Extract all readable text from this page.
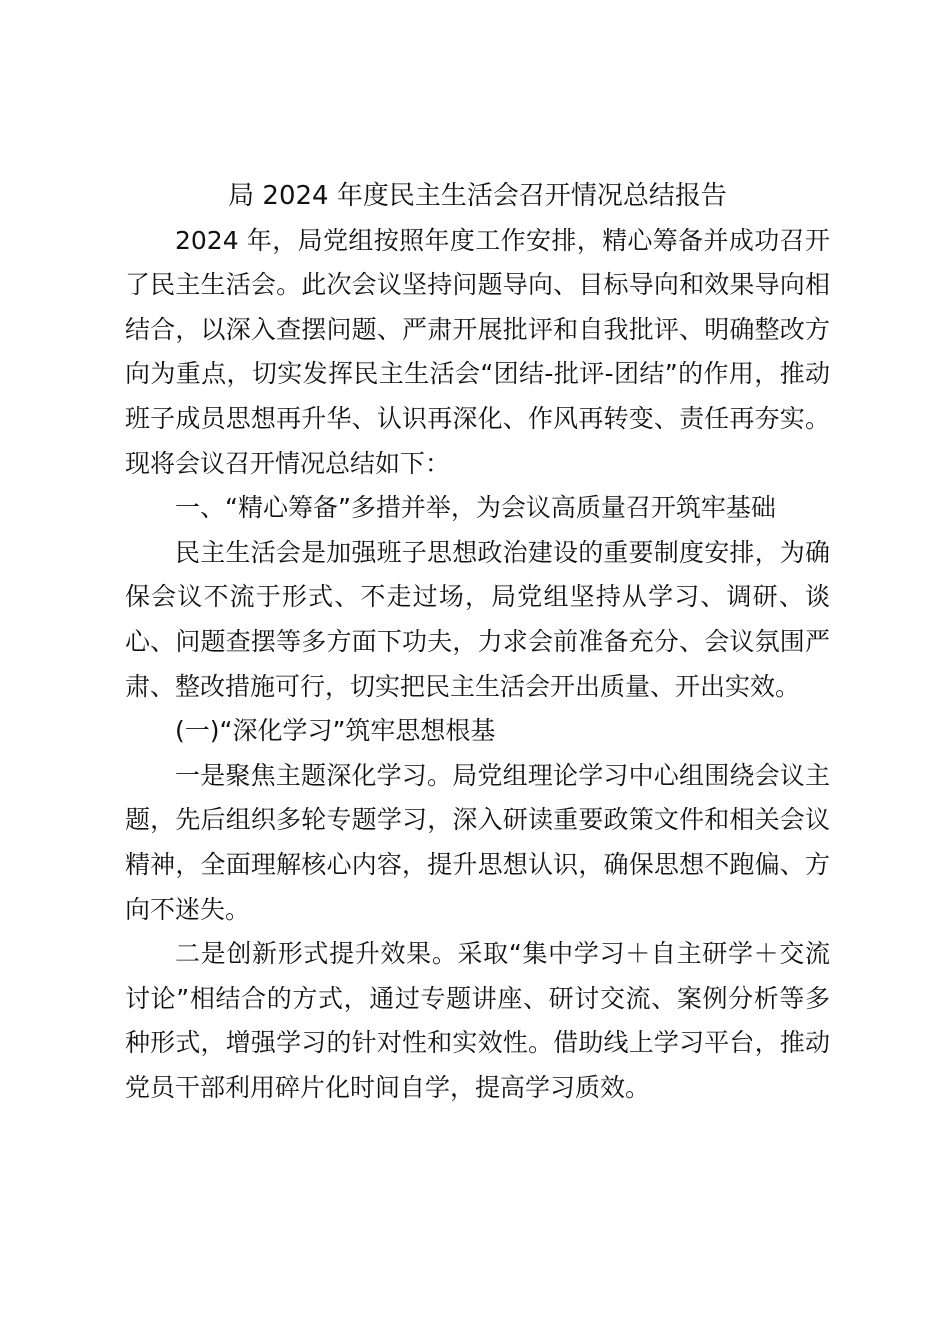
局 2024 年度民主生活会召开情况总结报告

2024 年，局党组按照年度工作安排，精心筹备并成功召开了民主生活会。此次会议坚持问题导向、目标导向和效果导向相结合，以深入查摆问题、严肃开展批评和自我批评、明确整改方向为重点，切实发挥民主生活会“团结-批评-团结”的作用，推动班子成员思想再升华、认识再深化、作风再转变、责任再夯实。现将会议召开情况总结如下：

一、“精心筹备”多措并举，为会议高质量召开筑牢基础

民主生活会是加强班子思想政治建设的重要制度安排，为确保会议不流于形式、不走过场，局党组坚持从学习、调研、谈心、问题查摆等多方面下功夫，力求会前准备充分、会议氛围严肃、整改措施可行，切实把民主生活会开出质量、开出实效。

(一)“深化学习”筑牢思想根基

一是聚焦主题深化学习。局党组理论学习中心组围绕会议主题，先后组织多轮专题学习，深入研读重要政策文件和相关会议精神，全面理解核心内容，提升思想认识，确保思想不跑偏、方向不迷失。

二是创新形式提升效果。采取“集中学习＋自主研学＋交流讨论”相结合的方式，通过专题讲座、研讨交流、案例分析等多种形式，增强学习的针对性和实效性。借助线上学习平台，推动党员干部利用碎片化时间自学，提高学习质效。
